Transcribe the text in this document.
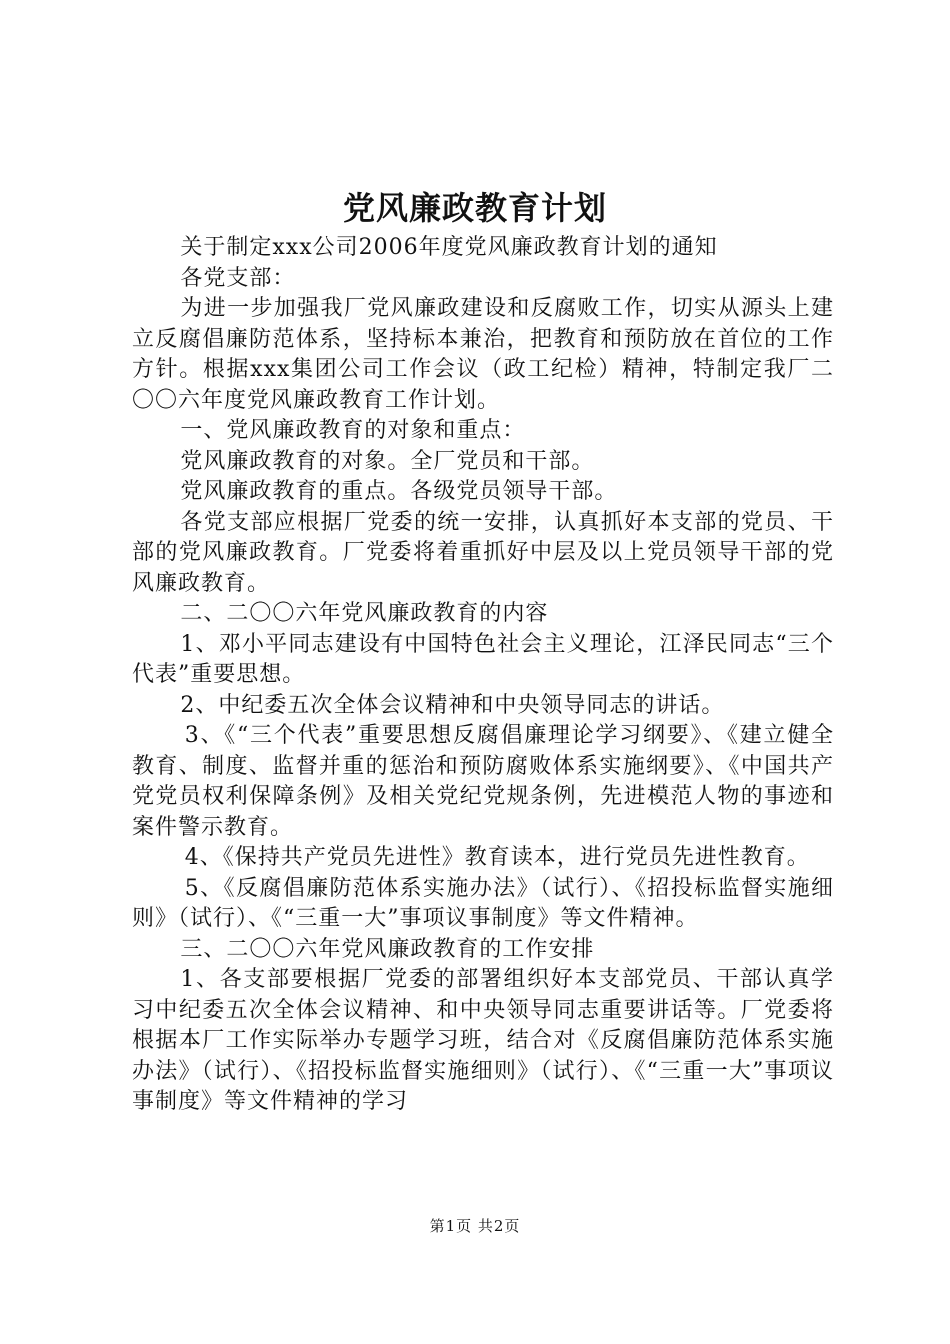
党风廉政教育计划

关于制定xxx公司2006年度党风廉政教育计划的通知

各党支部：

为进一步加强我厂党风廉政建设和反腐败工作，切实从源头上建立反腐倡廉防范体系，坚持标本兼治，把教育和预防放在首位的工作方针。根据xxx集团公司工作会议（政工纪检）精神，特制定我厂二〇〇六年度党风廉政教育工作计划。

一、党风廉政教育的对象和重点：

党风廉政教育的对象。全厂党员和干部。

党风廉政教育的重点。各级党员领导干部。

各党支部应根据厂党委的统一安排，认真抓好本支部的党员、干部的党风廉政教育。厂党委将着重抓好中层及以上党员领导干部的党风廉政教育。

二、二〇〇六年党风廉政教育的内容

1、邓小平同志建设有中国特色社会主义理论，江泽民同志“三个代表”重要思想。

2、中纪委五次全体会议精神和中央领导同志的讲话。

3、《“三个代表”重要思想反腐倡廉理论学习纲要》、《建立健全教育、制度、监督并重的惩治和预防腐败体系实施纲要》、《中国共产党党员权利保障条例》及相关党纪党规条例，先进模范人物的事迹和案件警示教育。

4、《保持共产党员先进性》教育读本，进行党员先进性教育。

5、《反腐倡廉防范体系实施办法》（试行）、《招投标监督实施细则》（试行）、《“三重一大”事项议事制度》等文件精神。

三、二〇〇六年党风廉政教育的工作安排

1、各支部要根据厂党委的部署组织好本支部党员、干部认真学习中纪委五次全体会议精神、和中央领导同志重要讲话等。厂党委将根据本厂工作实际举办专题学习班，结合对《反腐倡廉防范体系实施办法》（试行）、《招投标监督实施细则》（试行）、《“三重一大”事项议事制度》等文件精神的学习

第1页 共2页
